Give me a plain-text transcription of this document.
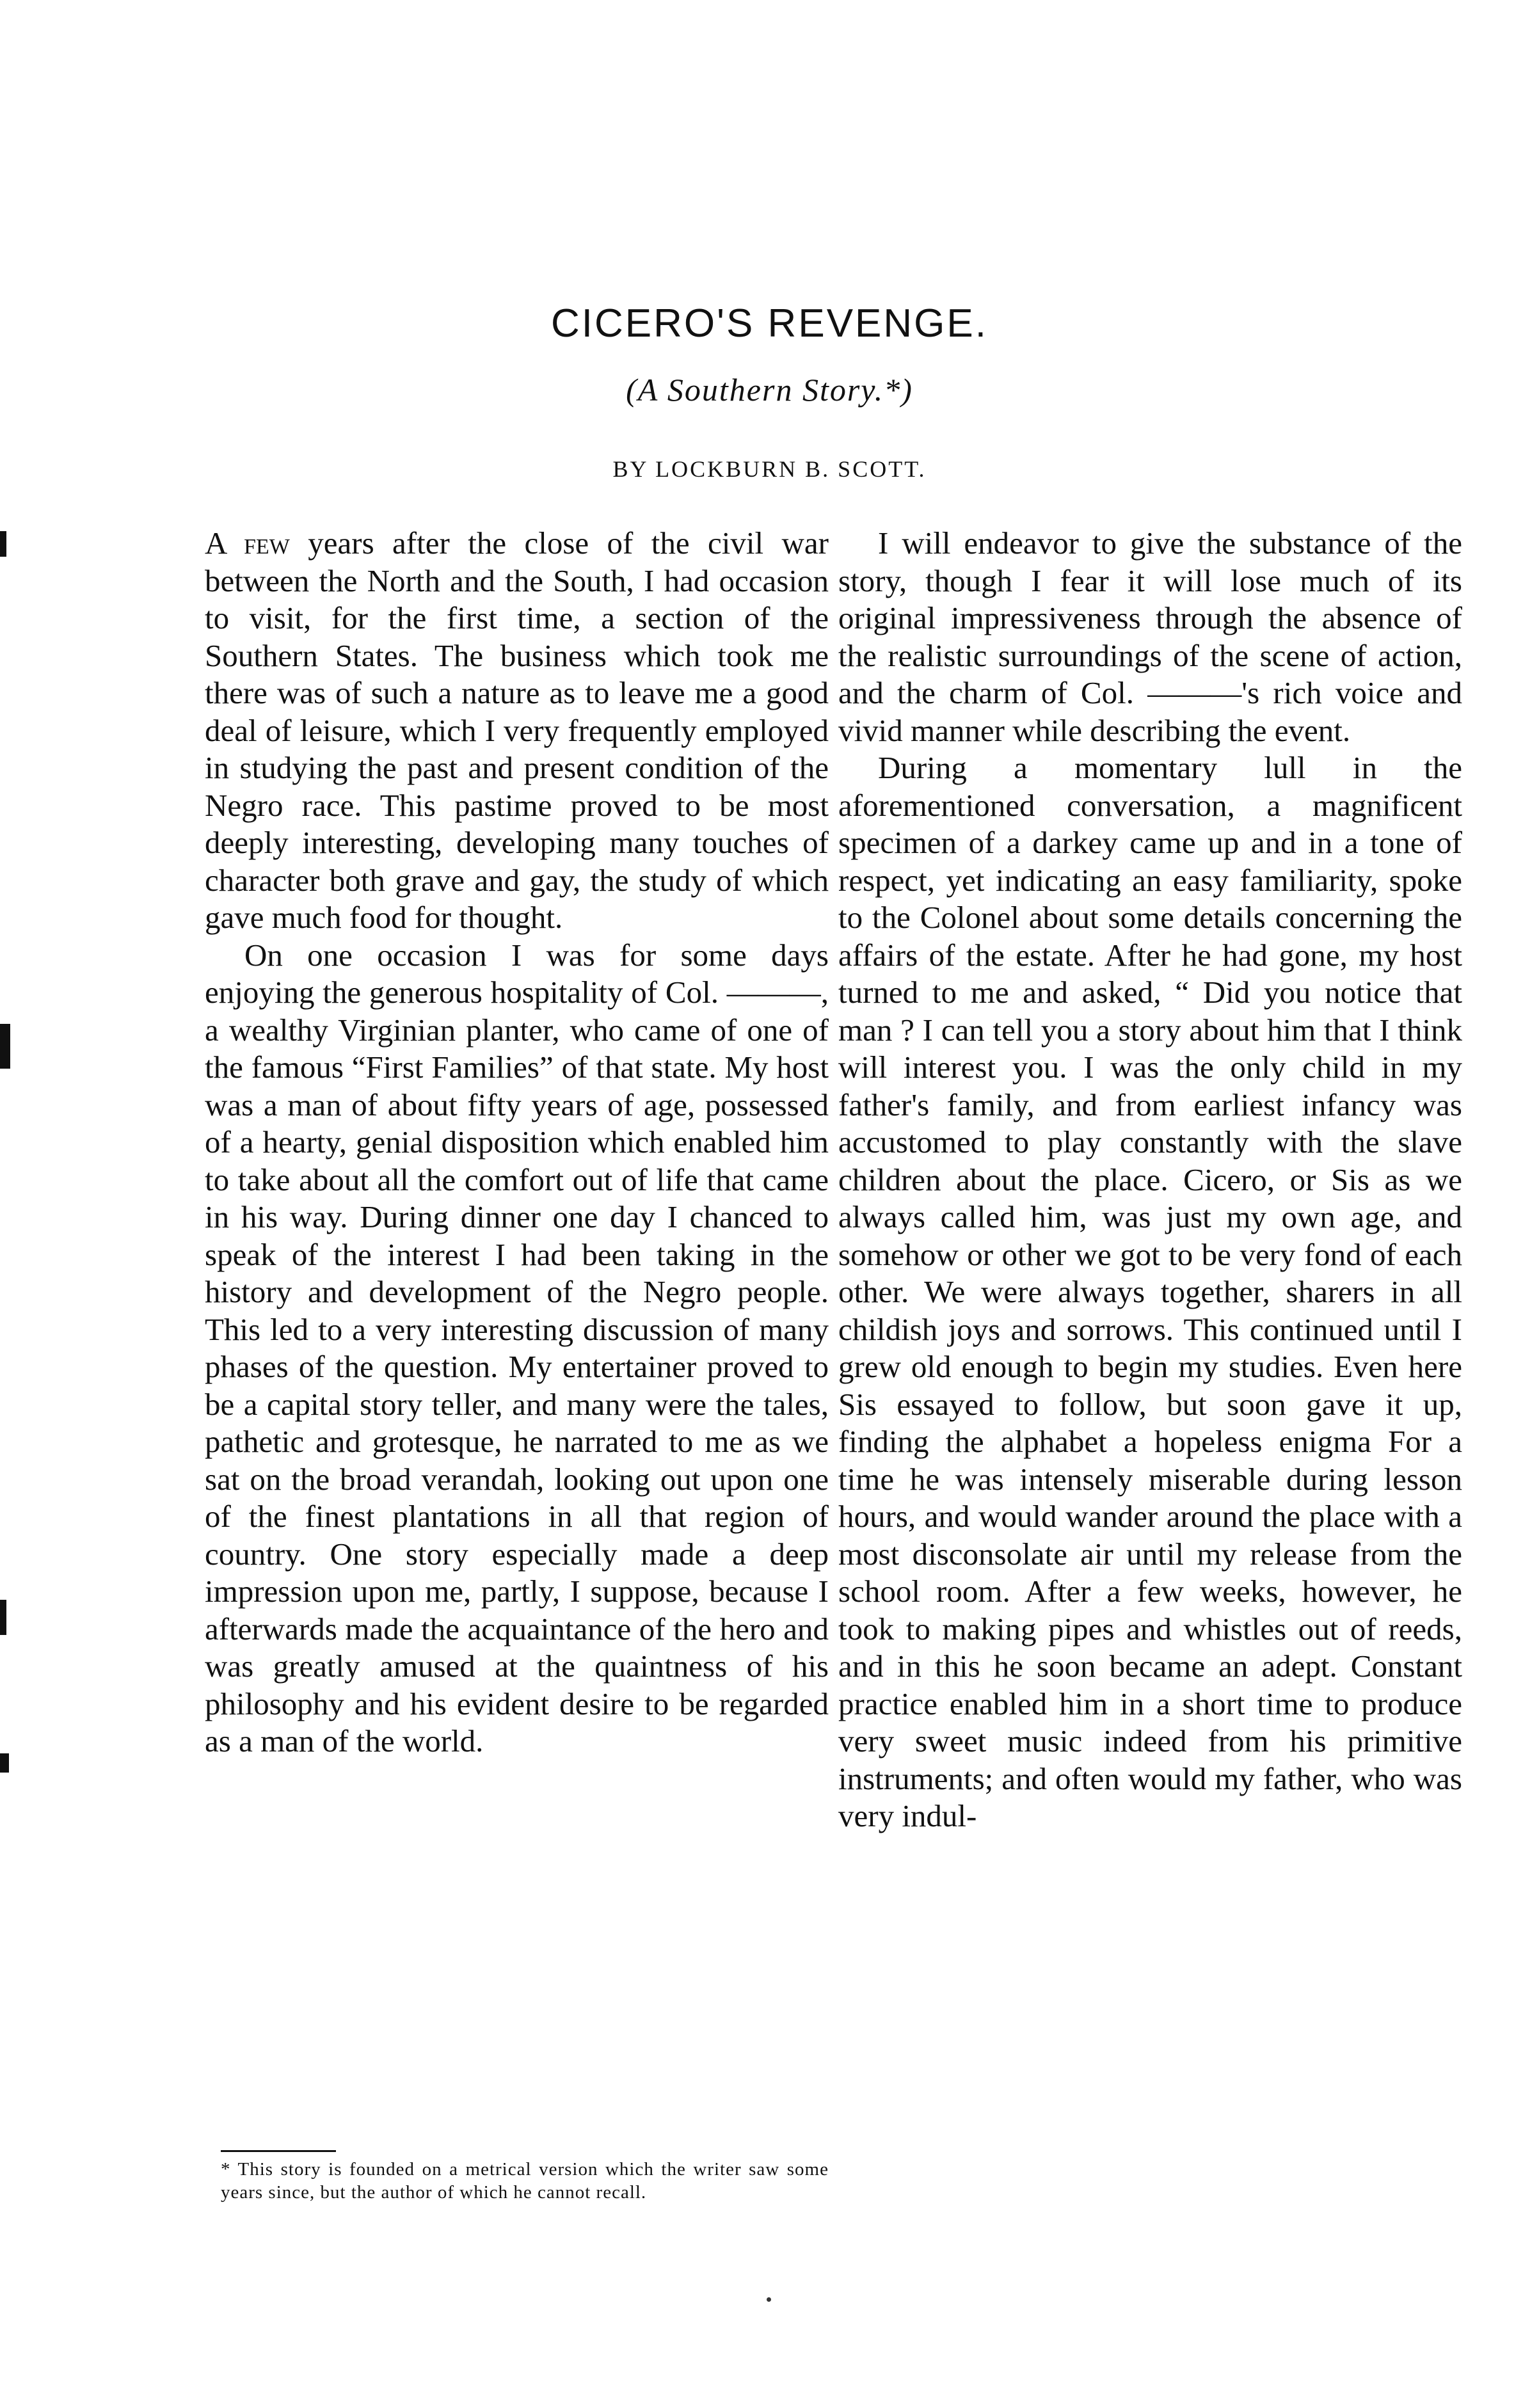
CICERO'S REVENGE.
(A Southern Story.*)
BY LOCKBURN B. SCOTT.

A few years after the close of the civil war between the North and the South, I had occasion to visit, for the first time, a section of the Southern States. The business which took me there was of such a nature as to leave me a good deal of leisure, which I very frequently employed in studying the past and present condition of the Negro race. This pastime proved to be most deeply interesting, developing many touches of character both grave and gay, the study of which gave much food for thought.

On one occasion I was for some days enjoying the generous hospitality of Col. ———, a wealthy Virginian planter, who came of one of the famous “First Families” of that state. My host was a man of about fifty years of age, possessed of a hearty, genial disposition which enabled him to take about all the comfort out of life that came in his way. During dinner one day I chanced to speak of the interest I had been taking in the history and development of the Negro people. This led to a very interesting discussion of many phases of the question. My entertainer proved to be a capital story teller, and many were the tales, pathetic and grotesque, he narrated to me as we sat on the broad verandah, looking out upon one of the finest plantations in all that region of country. One story especially made a deep impression upon me, partly, I suppose, because I afterwards made the acquaintance of the hero and was greatly amused at the quaintness of his philosophy and his evident desire to be regarded as a man of the world.

* This story is founded on a metrical version which the writer saw some years since, but the author of which he cannot recall.

I will endeavor to give the substance of the story, though I fear it will lose much of its original impressiveness through the absence of the realistic surroundings of the scene of action, and the charm of Col. ———'s rich voice and vivid manner while describing the event.

During a momentary lull in the aforementioned conversation, a magnificent specimen of a darkey came up and in a tone of respect, yet indicating an easy familiarity, spoke to the Colonel about some details concerning the affairs of the estate. After he had gone, my host turned to me and asked, “ Did you notice that man ? I can tell you a story about him that I think will interest you. I was the only child in my father's family, and from earliest infancy was accustomed to play constantly with the slave children about the place. Cicero, or Sis as we always called him, was just my own age, and somehow or other we got to be very fond of each other. We were always together, sharers in all childish joys and sorrows. This continued until I grew old enough to begin my studies. Even here Sis essayed to follow, but soon gave it up, finding the alphabet a hopeless enigma For a time he was intensely miserable during lesson hours, and would wander around the place with a most disconsolate air until my release from the school room. After a few weeks, however, he took to making pipes and whistles out of reeds, and in this he soon became an adept. Constant practice enabled him in a short time to produce very sweet music indeed from his primitive instruments; and often would my father, who was very indul-
